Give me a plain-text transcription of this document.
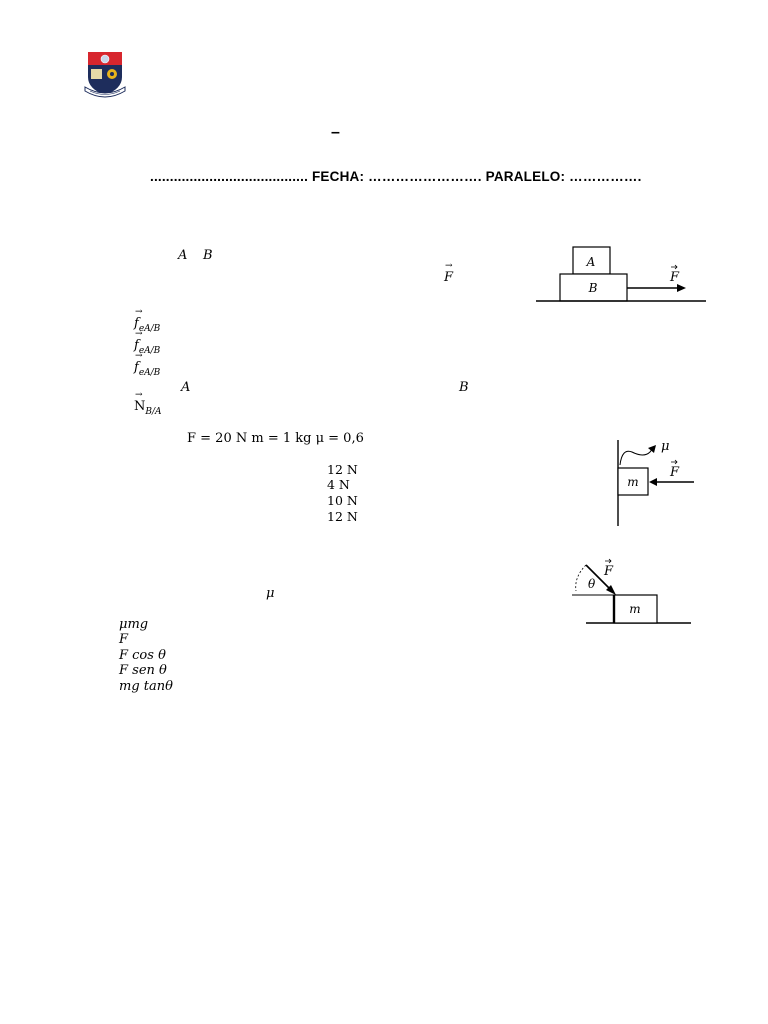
–
........................................ FECHA: ……………………. PARALELO: …………….
A B
→ F
→ $f_{eA/B}$
→ $f_{eA/B}$
→ $f_{eA/B}$
A	B
→ $N_{B/A}$
A
B
F
F = 20 N m = 1 kg μ = 0,6
12 N
4 N
10 N
12 N
m
μ
F
μ
μmg
F
F cos θ
F sen θ
mg tanθ
m
θ
F
